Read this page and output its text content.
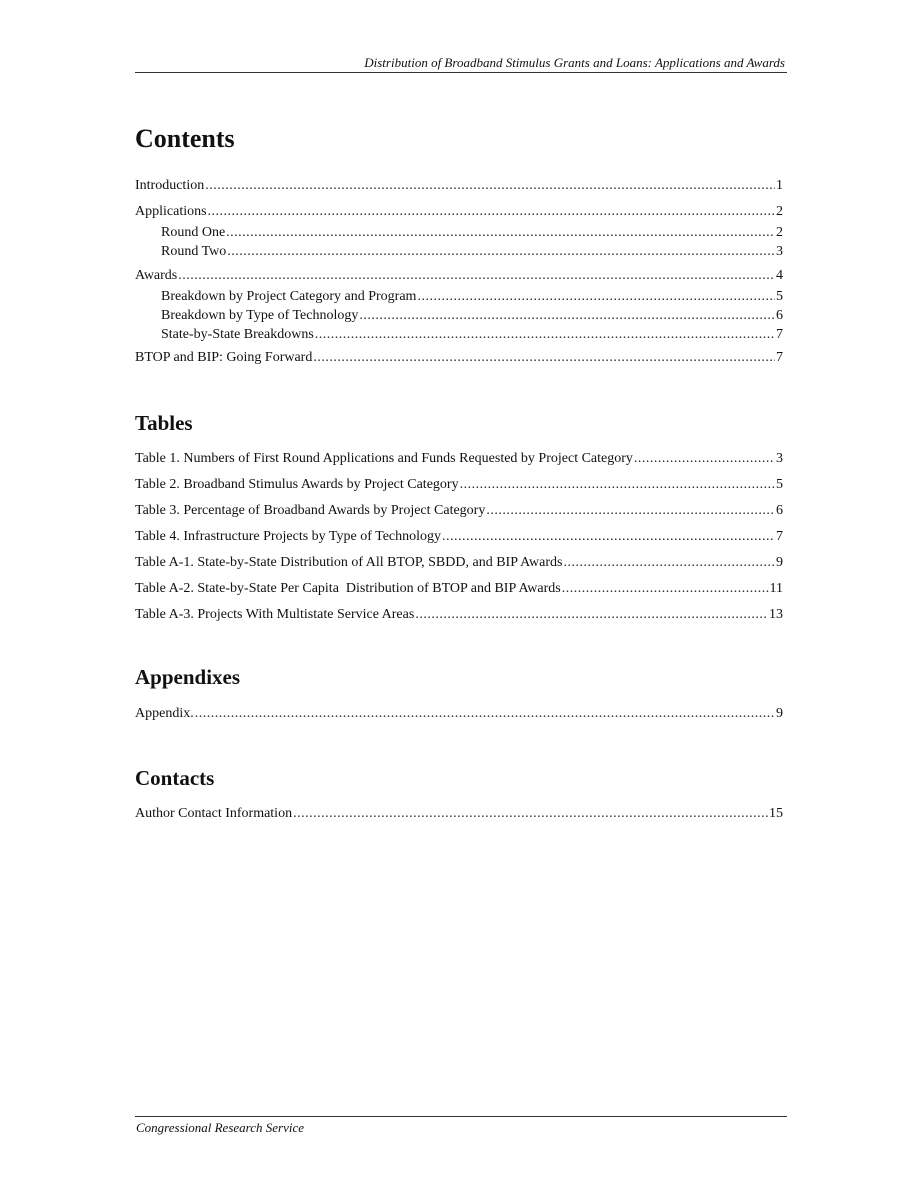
Distribution of Broadband Stimulus Grants and Loans: Applications and Awards
Contents
Introduction .....	1
Applications .....	2
Round One .....	2
Round Two .....	3
Awards .....	4
Breakdown by Project Category and Program .....	5
Breakdown by Type of Technology .....	6
State-by-State Breakdowns .....	7
BTOP and BIP: Going Forward .....	7
Tables
Table 1. Numbers of First Round Applications and Funds Requested by Project Category .....	3
Table 2. Broadband Stimulus Awards by Project Category .....	5
Table 3. Percentage of Broadband Awards by Project Category .....	6
Table 4. Infrastructure Projects by Type of Technology .....	7
Table A-1. State-by-State Distribution of All BTOP, SBDD, and BIP Awards .....	9
Table A-2. State-by-State Per Capita  Distribution of BTOP and BIP Awards .....	11
Table A-3. Projects With Multistate Service Areas .....	13
Appendixes
Appendix. .....	9
Contacts
Author Contact Information .....	15
Congressional Research Service
